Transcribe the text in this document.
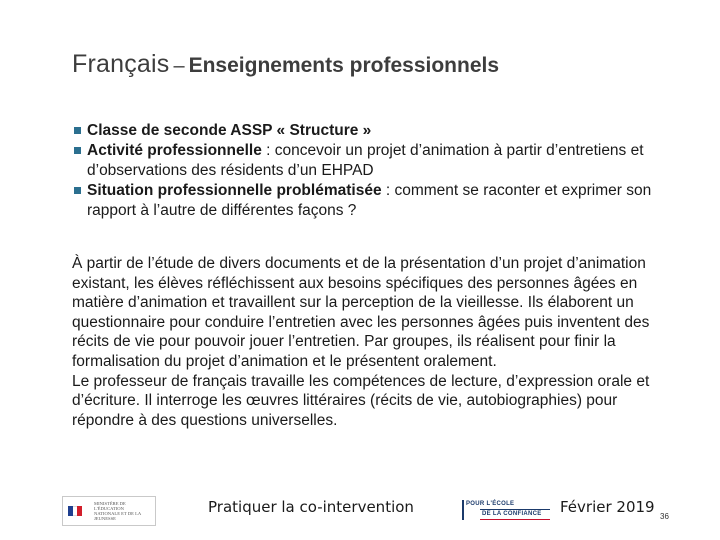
Français – Enseignements professionnels
Classe de seconde ASSP « Structure »
Activité professionnelle : concevoir un projet d’animation à partir d’entretiens et d’observations des résidents d’un EHPAD
Situation professionnelle problématisée : comment se raconter et exprimer son rapport à l’autre de différentes façons ?

À partir de l’étude de divers documents et de la présentation d’un projet d’animation existant, les élèves réfléchissent aux besoins spécifiques des personnes âgées en matière d’animation et travaillent sur la perception de la vieillesse. Ils élaborent un questionnaire pour conduire l’entretien avec les personnes âgées puis inventent des récits de vie pour pouvoir jouer l’entretien. Par groupes, ils réalisent pour finir la formalisation du projet d’animation et le présentent oralement.

Le professeur de français travaille les compétences de lecture, d’expression orale et d’écriture. Il interroge les œuvres littéraires (récits de vie, autobiographies) pour répondre à des questions universelles.

MINISTÈRE DE L'ÉDUCATION NATIONALE ET DE LA JEUNESSE
Pratiquer la co-intervention	POUR L'ÉCOLE
DE LA CONFIANCE	Février 2019
36
